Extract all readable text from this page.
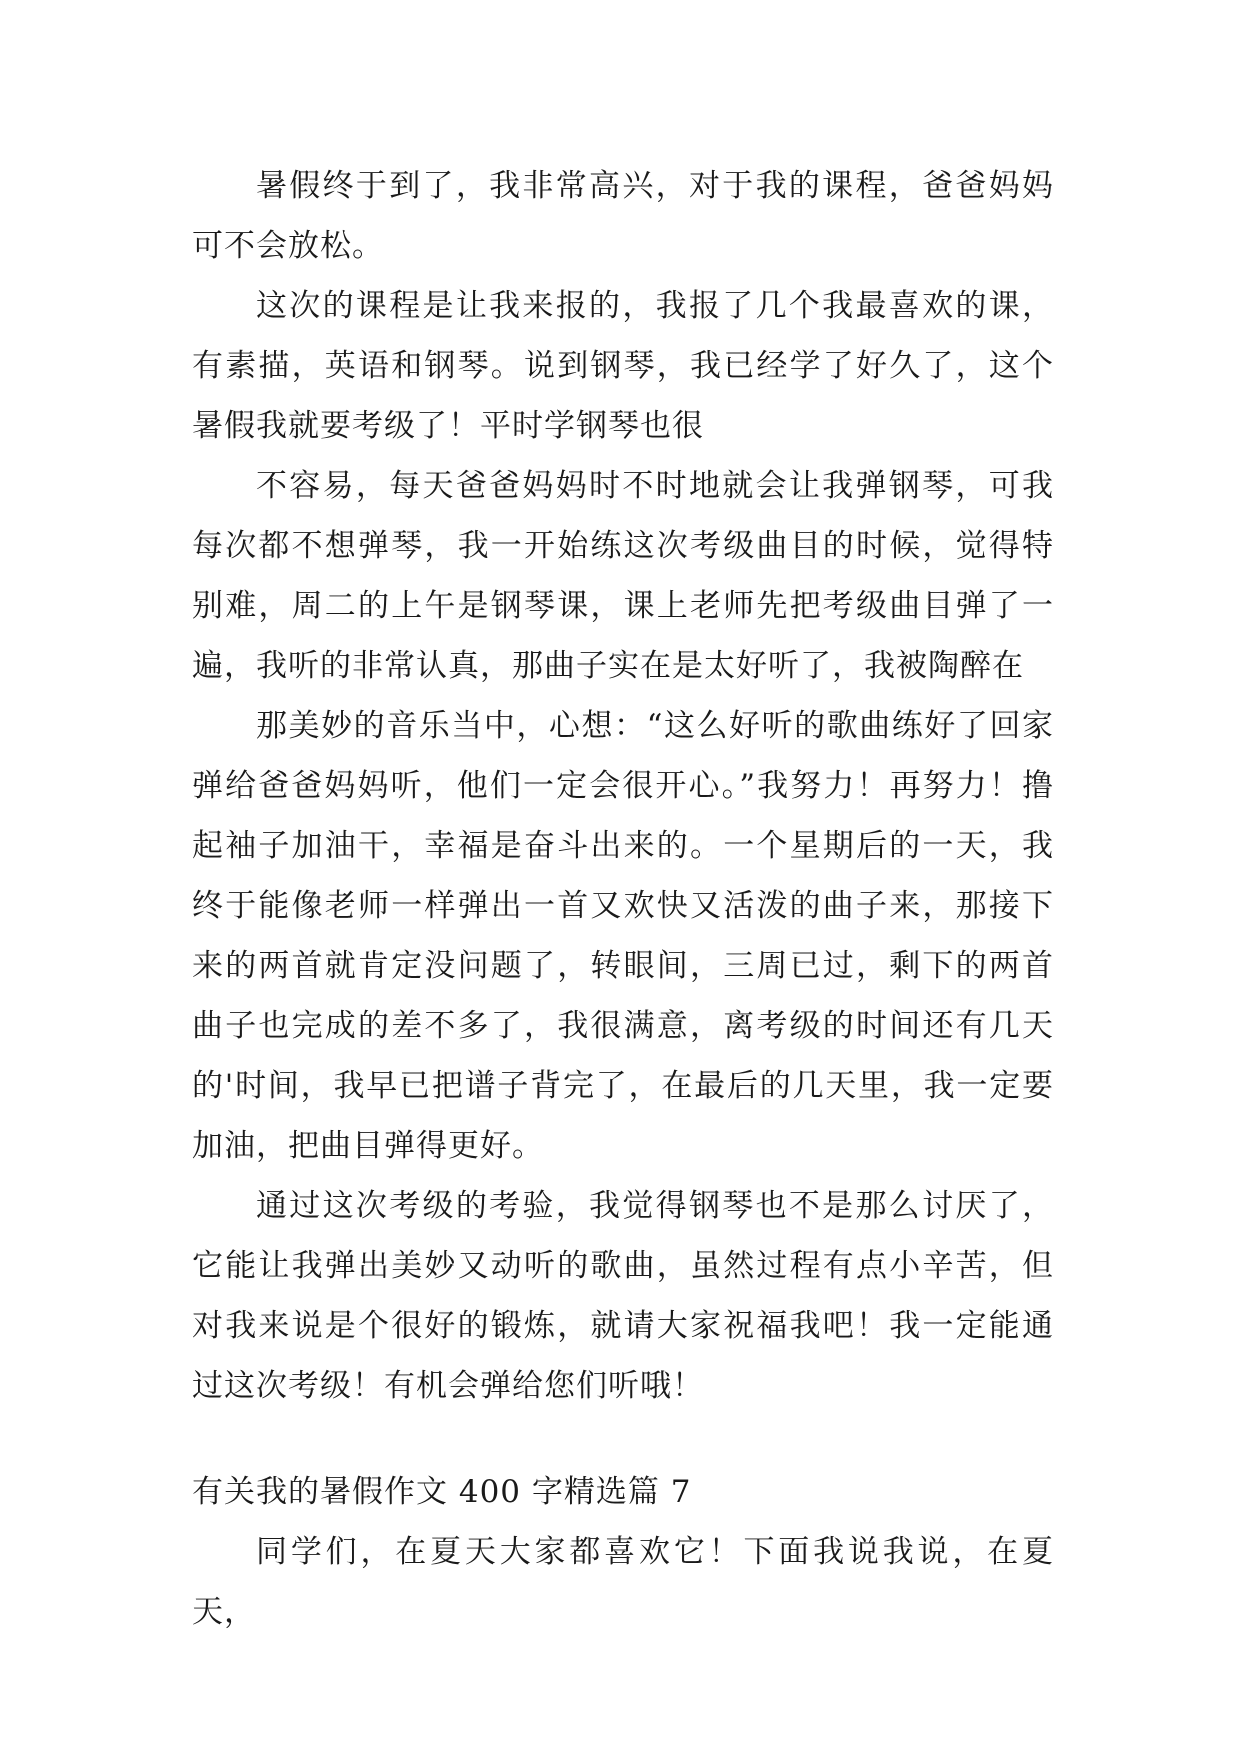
暑假终于到了，我非常高兴，对于我的课程，爸爸妈妈可不会放松。

这次的课程是让我来报的，我报了几个我最喜欢的课，有素描，英语和钢琴。说到钢琴，我已经学了好久了，这个暑假我就要考级了！平时学钢琴也很

不容易，每天爸爸妈妈时不时地就会让我弹钢琴，可我每次都不想弹琴，我一开始练这次考级曲目的时候，觉得特别难，周二的上午是钢琴课，课上老师先把考级曲目弹了一遍，我听的非常认真，那曲子实在是太好听了，我被陶醉在

那美妙的音乐当中，心想：“这么好听的歌曲练好了回家弹给爸爸妈妈听，他们一定会很开心。”我努力！再努力！撸起袖子加油干，幸福是奋斗出来的。一个星期后的一天，我终于能像老师一样弹出一首又欢快又活泼的曲子来，那接下来的两首就肯定没问题了，转眼间，三周已过，剩下的两首曲子也完成的差不多了，我很满意，离考级的时间还有几天的'时间，我早已把谱子背完了，在最后的几天里，我一定要加油，把曲目弹得更好。

通过这次考级的考验，我觉得钢琴也不是那么讨厌了，它能让我弹出美妙又动听的歌曲，虽然过程有点小辛苦，但对我来说是个很好的锻炼，就请大家祝福我吧！我一定能通过这次考级！有机会弹给您们听哦！

有关我的暑假作文 400 字精选篇 7

同学们，在夏天大家都喜欢它！下面我说我说，在夏天，
